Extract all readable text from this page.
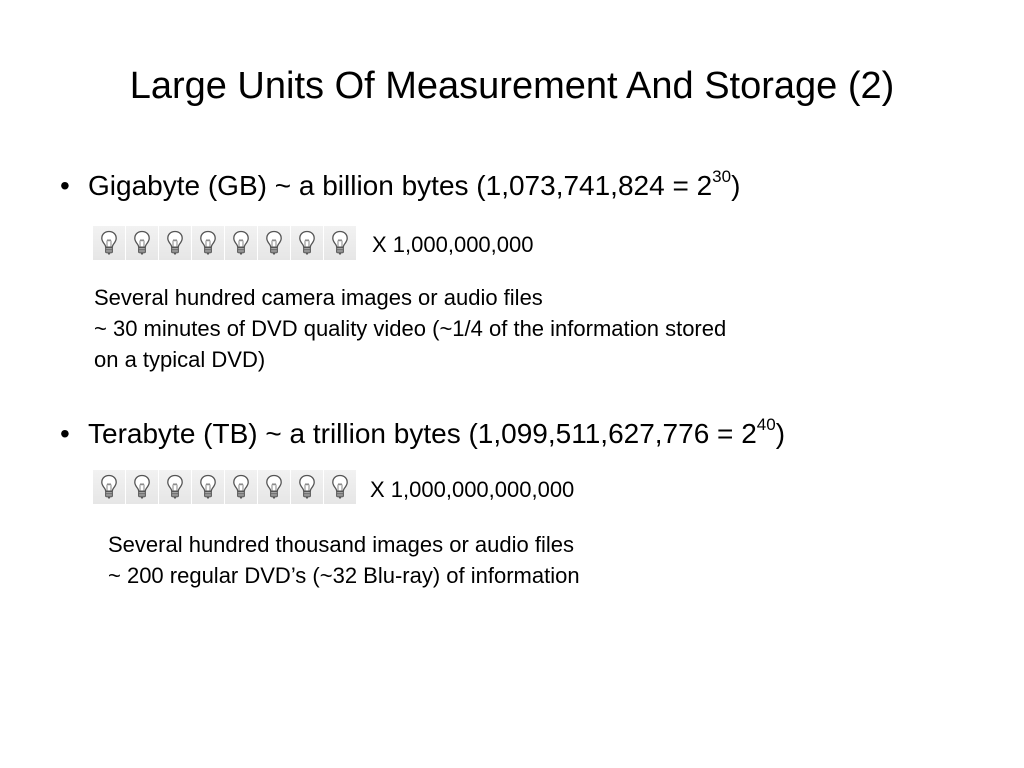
Large Units Of Measurement And Storage (2)
• Gigabyte (GB) ~ a billion bytes $(1,073,741,824 = 2^{30})$
X 1,000,000,000
Several hundred camera images or audio files
~ 30 minutes of DVD quality video (~1/4 of the information stored
on a typical DVD)
• Terabyte (TB) ~ a trillion bytes $(1,099,511,627,776 = 2^{40})$
X 1,000,000,000,000
Several hundred thousand images or audio files
~ 200 regular DVD’s (~32 Blu-ray) of information
